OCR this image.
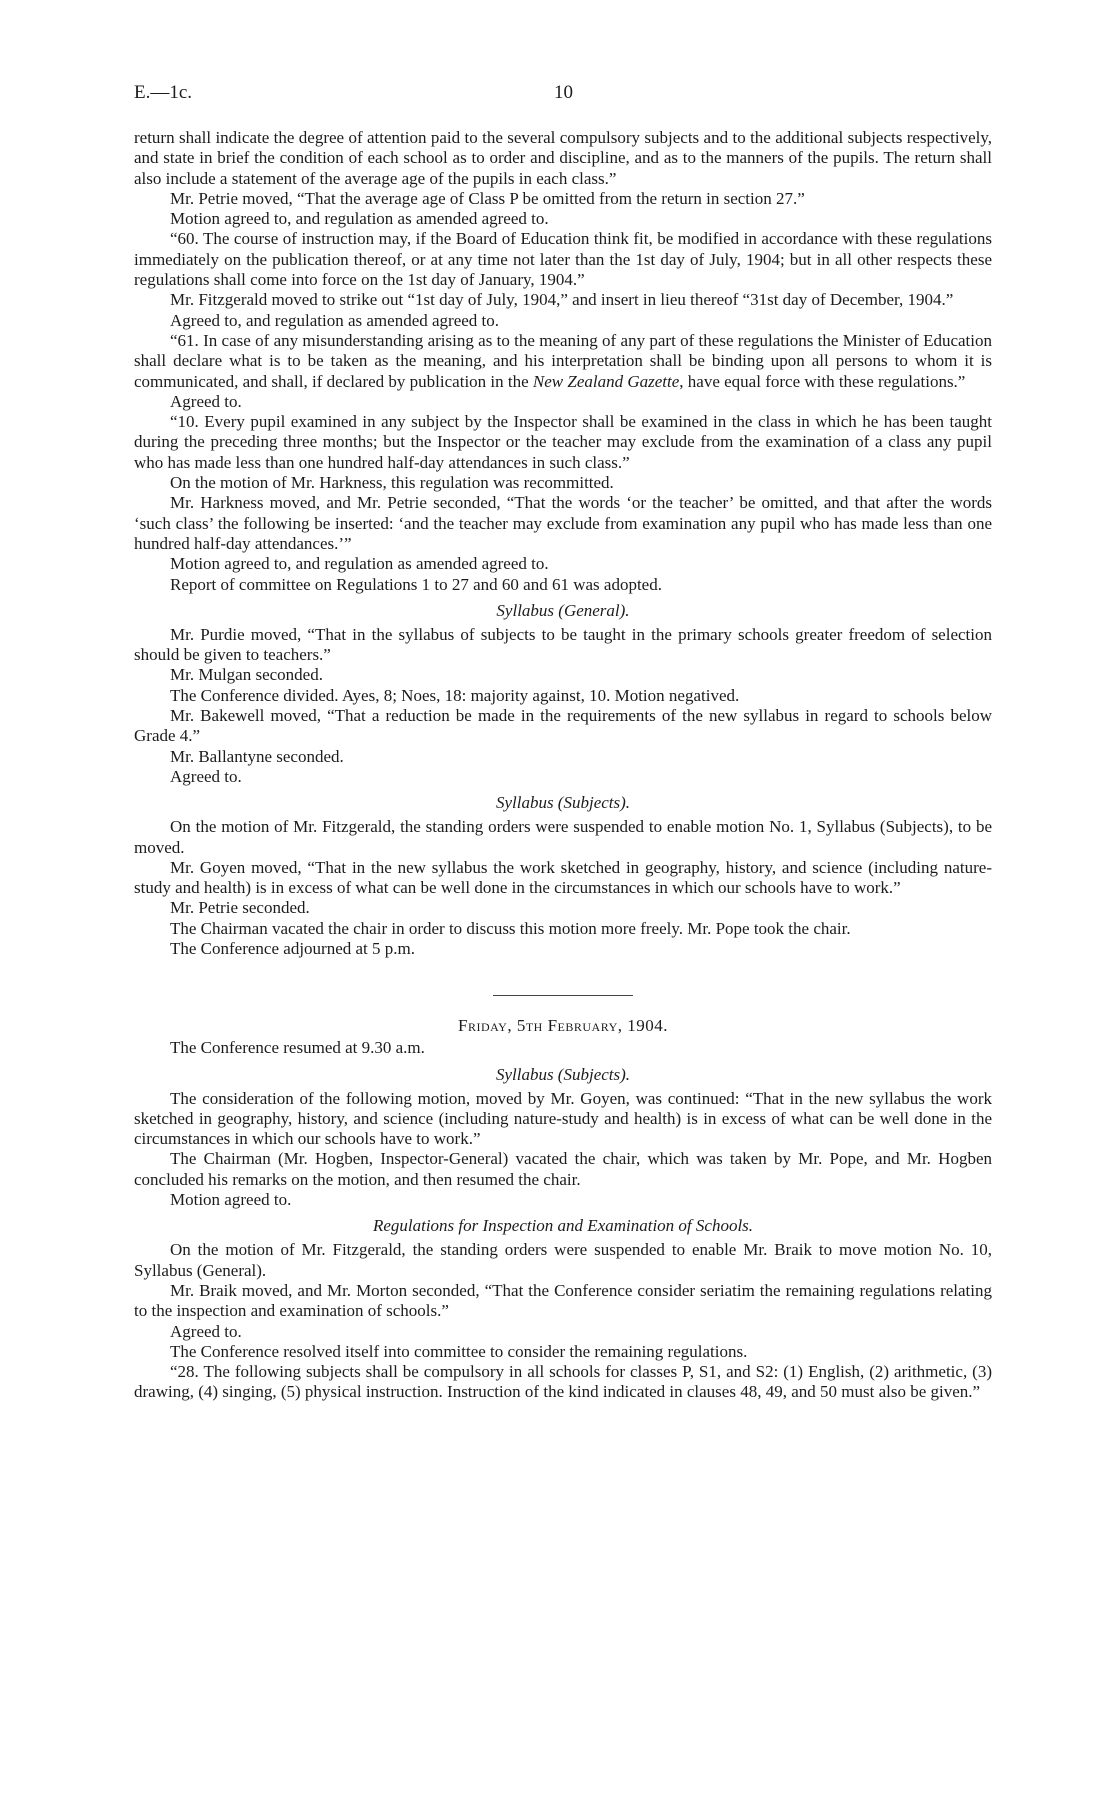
E.—1c.	10

return shall indicate the degree of attention paid to the several compulsory subjects and to the additional subjects respectively, and state in brief the condition of each school as to order and discipline, and as to the manners of the pupils. The return shall also include a statement of the average age of the pupils in each class.”

Mr. Petrie moved, “That the average age of Class P be omitted from the return in section 27.”

Motion agreed to, and regulation as amended agreed to.

“60. The course of instruction may, if the Board of Education think fit, be modified in accordance with these regulations immediately on the publication thereof, or at any time not later than the 1st day of July, 1904; but in all other respects these regulations shall come into force on the 1st day of January, 1904.”

Mr. Fitzgerald moved to strike out “1st day of July, 1904,” and insert in lieu thereof “31st day of December, 1904.”

Agreed to, and regulation as amended agreed to.

“61. In case of any misunderstanding arising as to the meaning of any part of these regulations the Minister of Education shall declare what is to be taken as the meaning, and his interpretation shall be binding upon all persons to whom it is communicated, and shall, if declared by publication in the New Zealand Gazette, have equal force with these regulations.”

Agreed to.

“10. Every pupil examined in any subject by the Inspector shall be examined in the class in which he has been taught during the preceding three months; but the Inspector or the teacher may exclude from the examination of a class any pupil who has made less than one hundred half-day attendances in such class.”

On the motion of Mr. Harkness, this regulation was recommitted.

Mr. Harkness moved, and Mr. Petrie seconded, “That the words ‘or the teacher’ be omitted, and that after the words ‘such class’ the following be inserted: ‘and the teacher may exclude from examination any pupil who has made less than one hundred half-day attendances.’”

Motion agreed to, and regulation as amended agreed to.

Report of committee on Regulations 1 to 27 and 60 and 61 was adopted.

Syllabus (General).

Mr. Purdie moved, “That in the syllabus of subjects to be taught in the primary schools greater freedom of selection should be given to teachers.”

Mr. Mulgan seconded.

The Conference divided. Ayes, 8; Noes, 18: majority against, 10. Motion negatived.

Mr. Bakewell moved, “That a reduction be made in the requirements of the new syllabus in regard to schools below Grade 4.”

Mr. Ballantyne seconded.

Agreed to.

Syllabus (Subjects).

On the motion of Mr. Fitzgerald, the standing orders were suspended to enable motion No. 1, Syllabus (Subjects), to be moved.

Mr. Goyen moved, “That in the new syllabus the work sketched in geography, history, and science (including nature-study and health) is in excess of what can be well done in the circumstances in which our schools have to work.”

Mr. Petrie seconded.

The Chairman vacated the chair in order to discuss this motion more freely. Mr. Pope took the chair.

The Conference adjourned at 5 p.m.

Friday, 5th February, 1904.

The Conference resumed at 9.30 a.m.

Syllabus (Subjects).

The consideration of the following motion, moved by Mr. Goyen, was continued: “That in the new syllabus the work sketched in geography, history, and science (including nature-study and health) is in excess of what can be well done in the circumstances in which our schools have to work.”

The Chairman (Mr. Hogben, Inspector-General) vacated the chair, which was taken by Mr. Pope, and Mr. Hogben concluded his remarks on the motion, and then resumed the chair.

Motion agreed to.

Regulations for Inspection and Examination of Schools.

On the motion of Mr. Fitzgerald, the standing orders were suspended to enable Mr. Braik to move motion No. 10, Syllabus (General).

Mr. Braik moved, and Mr. Morton seconded, “That the Conference consider seriatim the remaining regulations relating to the inspection and examination of schools.”

Agreed to.

The Conference resolved itself into committee to consider the remaining regulations.

“28. The following subjects shall be compulsory in all schools for classes P, S1, and S2: (1) English, (2) arithmetic, (3) drawing, (4) singing, (5) physical instruction. Instruction of the kind indicated in clauses 48, 49, and 50 must also be given.”
